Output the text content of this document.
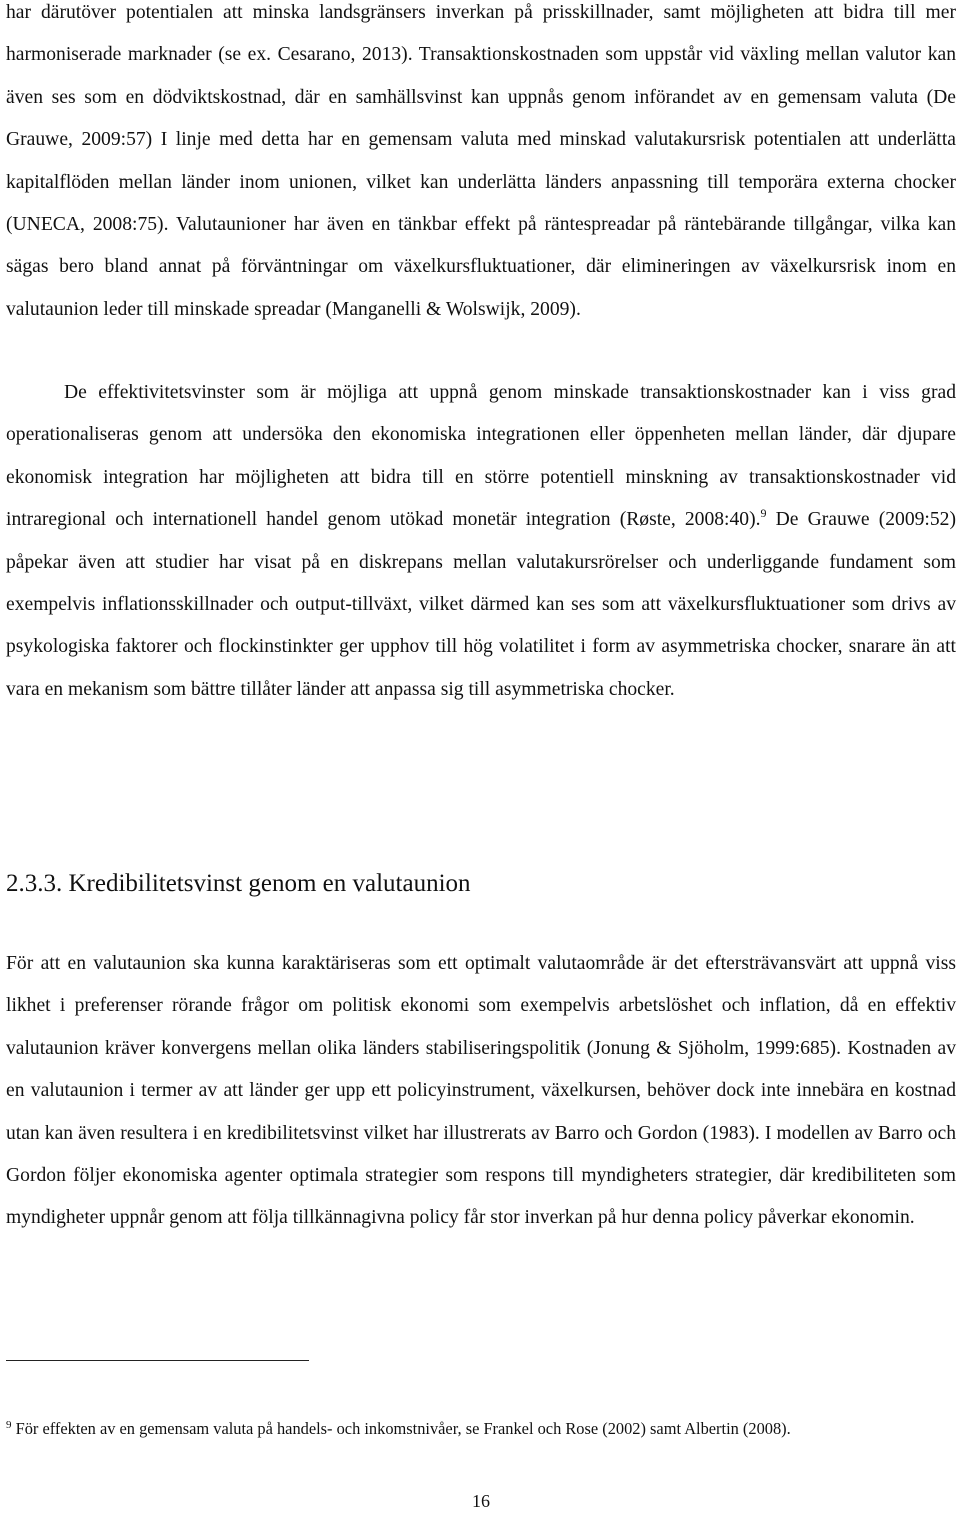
har därutöver potentialen att minska landsgränsers inverkan på prisskillnader, samt möjligheten att bidra till mer harmoniserade marknader (se ex. Cesarano, 2013). Transaktionskostnaden som uppstår vid växling mellan valutor kan även ses som en dödviktskostnad, där en samhällsvinst kan uppnås genom införandet av en gemensam valuta (De Grauwe, 2009:57) I linje med detta har en gemensam valuta med minskad valutakursrisk potentialen att underlätta kapitalflöden mellan länder inom unionen, vilket kan underlätta länders anpassning till temporära externa chocker (UNECA, 2008:75). Valutaunioner har även en tänkbar effekt på räntespreadar på räntebärande tillgångar, vilka kan sägas bero bland annat på förväntningar om växelkursfluktuationer, där elimineringen av växelkursrisk inom en valutaunion leder till minskade spreadar (Manganelli & Wolswijk, 2009).

De effektivitetsvinster som är möjliga att uppnå genom minskade transaktionskostnader kan i viss grad operationaliseras genom att undersöka den ekonomiska integrationen eller öppenheten mellan länder, där djupare ekonomisk integration har möjligheten att bidra till en större potentiell minskning av transaktionskostnader vid intraregional och internationell handel genom utökad monetär integration (Røste, 2008:40).$^9$ De Grauwe (2009:52) påpekar även att studier har visat på en diskrepans mellan valutakursrörelser och underliggande fundament som exempelvis inflationsskillnader och output-tillväxt, vilket därmed kan ses som att växelkursfluktuationer som drivs av psykologiska faktorer och flockinstinkter ger upphov till hög volatilitet i form av asymmetriska chocker, snarare än att vara en mekanism som bättre tillåter länder att anpassa sig till asymmetriska chocker.

2.3.3. Kredibilitetsvinst genom en valutaunion

För att en valutaunion ska kunna karaktäriseras som ett optimalt valutaområde är det eftersträvansvärt att uppnå viss likhet i preferenser rörande frågor om politisk ekonomi som exempelvis arbetslöshet och inflation, då en effektiv valutaunion kräver konvergens mellan olika länders stabiliseringspolitik (Jonung & Sjöholm, 1999:685). Kostnaden av en valutaunion i termer av att länder ger upp ett policyinstrument, växelkursen, behöver dock inte innebära en kostnad utan kan även resultera i en kredibilitetsvinst vilket har illustrerats av Barro och Gordon (1983). I modellen av Barro och Gordon följer ekonomiska agenter optimala strategier som respons till myndigheters strategier, där kredibiliteten som myndigheter uppnår genom att följa tillkännagivna policy får stor inverkan på hur denna policy påverkar ekonomin.

$^9$ För effekten av en gemensam valuta på handels- och inkomstnivåer, se Frankel och Rose (2002) samt Albertin (2008).

16
